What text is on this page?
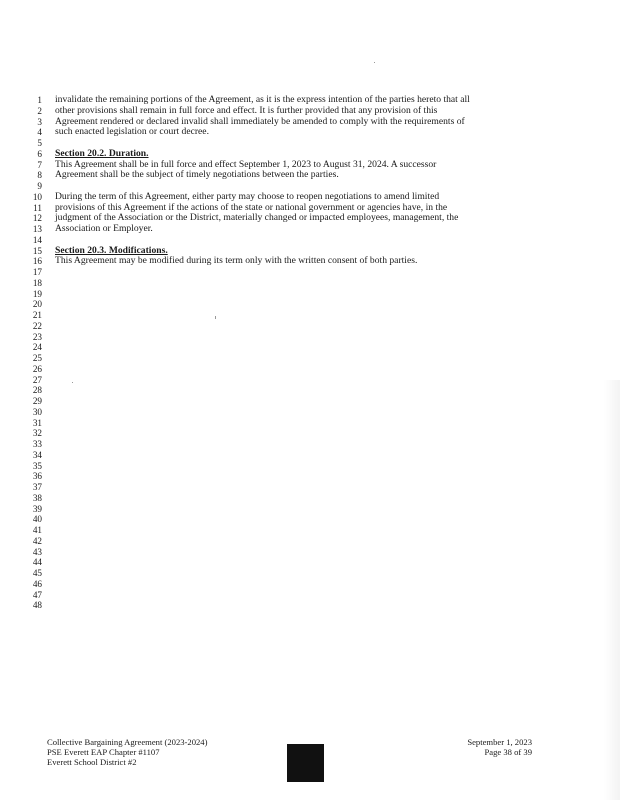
1
2
3
4
5
6
7
8
9
10
11
12
13
14
15
16
17
18
19
20
21
22
23
24
25
26
27
28
29
30
31
32
33
34
35
36
37
38
39
40
41
42
43
44
45
46
47
48
invalidate the remaining portions of the Agreement, as it is the express intention of the parties hereto that all
other provisions shall remain in full force and effect. It is further provided that any provision of this
Agreement rendered or declared invalid shall immediately be amended to comply with the requirements of
such enacted legislation or court decree.
Section 20.2. Duration.
This Agreement shall be in full force and effect September 1, 2023 to August 31, 2024. A successor
Agreement shall be the subject of timely negotiations between the parties.
During the term of this Agreement, either party may choose to reopen negotiations to amend limited
provisions of this Agreement if the actions of the state or national government or agencies have, in the
judgment of the Association or the District, materially changed or impacted employees, management, the
Association or Employer.
Section 20.3. Modifications.
This Agreement may be modified during its term only with the written consent of both parties.
Collective Bargaining Agreement (2023-2024)
PSE Everett EAP Chapter #1107
Everett School District #2
September 1, 2023
Page 38 of 39
